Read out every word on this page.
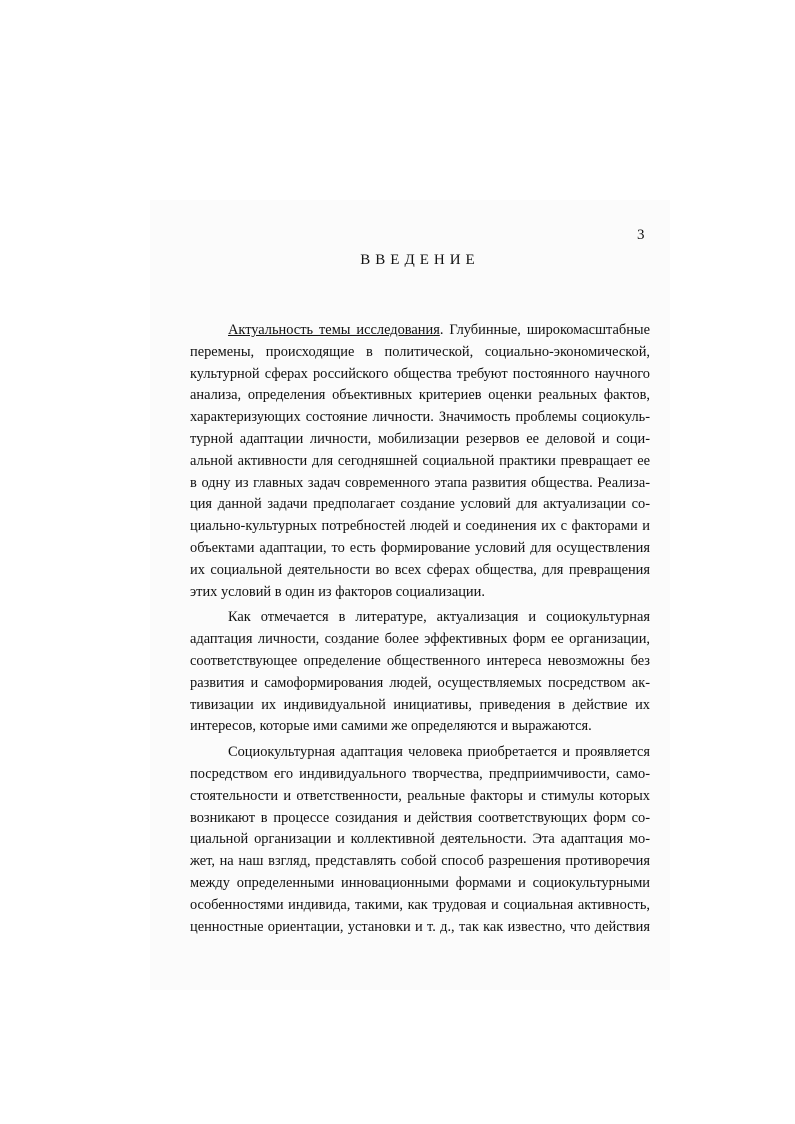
3
ВВЕДЕНИЕ
Актуальность темы исследования. Глубинные, широкомасштабные
перемены, происходящие в политической, социально-экономической,
культурной сферах российского общества требуют постоянного научного
анализа, определения объективных критериев оценки реальных фактов,
характеризующих состояние личности. Значимость проблемы социокуль-
турной адаптации личности, мобилизации резервов ее деловой и соци-
альной активности для сегодняшней социальной практики превращает ее
в одну из главных задач современного этапа развития общества. Реализа-
ция данной задачи предполагает создание условий для актуализации со-
циально-культурных потребностей людей и соединения их с факторами и
объектами адаптации, то есть формирование условий для осуществления
их социальной деятельности во всех сферах общества, для превращения
этих условий в один из факторов социализации.
Как отмечается в литературе, актуализация и социокультурная
адаптация личности, создание более эффективных форм ее организации,
соответствующее определение общественного интереса невозможны без
развития и самоформирования людей, осуществляемых посредством ак-
тивизации их индивидуальной инициативы, приведения в действие их
интересов, которые ими самими же определяются и выражаются.
Социокультурная адаптация человека приобретается и проявляется
посредством его индивидуального творчества, предприимчивости, само-
стоятельности и ответственности, реальные факторы и стимулы которых
возникают в процессе созидания и действия соответствующих форм со-
циальной организации и коллективной деятельности. Эта адаптация мо-
жет, на наш взгляд, представлять собой способ разрешения противоречия
между определенными инновационными формами и социокультурными
особенностями индивида, такими, как трудовая и социальная активность,
ценностные ориентации, установки и т. д., так как известно, что действия
